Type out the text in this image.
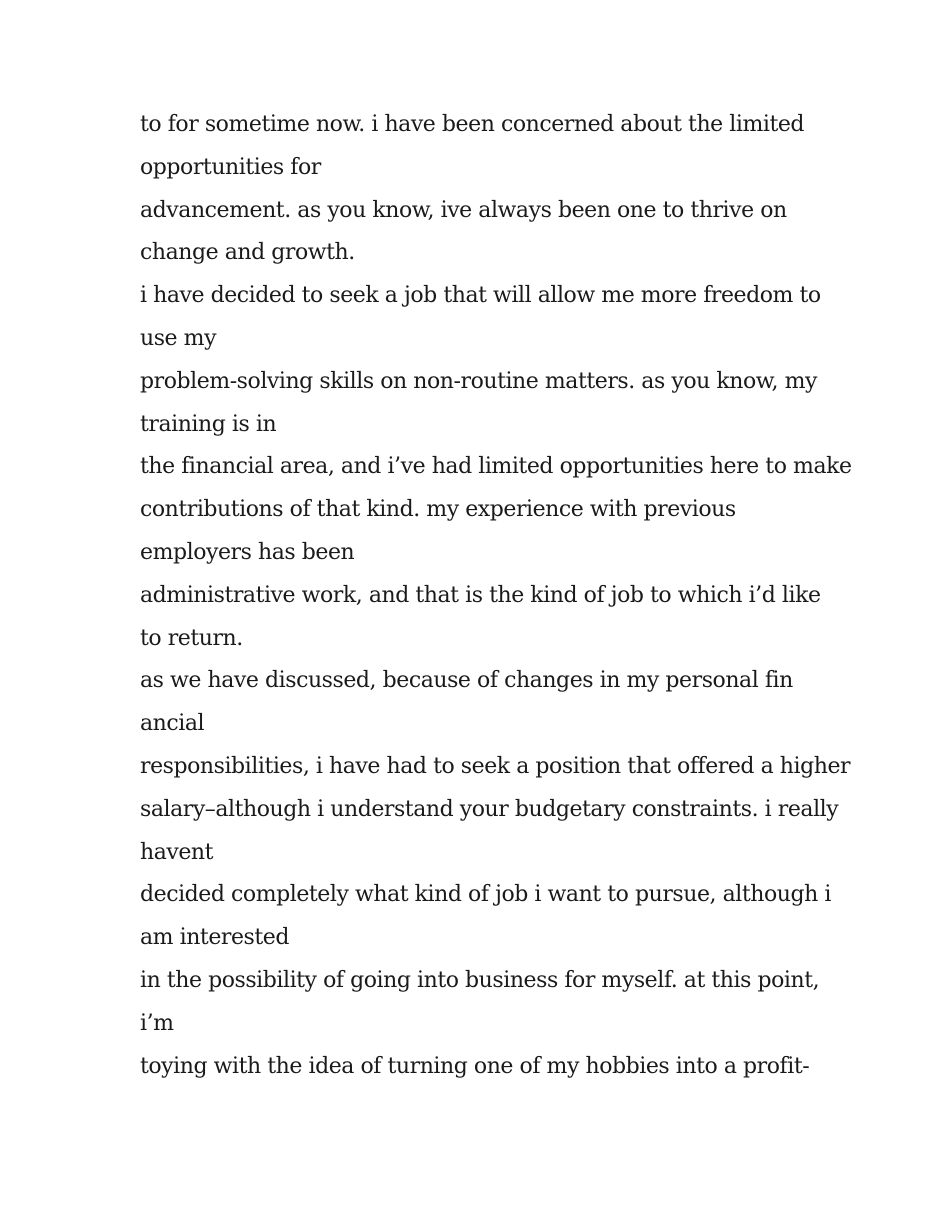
to for sometime now. i have been concerned about the limited
opportunities for
advancement. as you know, ive always been one to thrive on
change and growth.
i have decided to seek a job that will allow me more freedom to
use my
problem-solving skills on non-routine matters. as you know, my
training is in
the financial area, and i’ve had limited opportunities here to make
contributions of that kind. my experience with previous
employers has been
administrative work, and that is the kind of job to which i’d like
to return.
as we have discussed, because of changes in my personal fin
ancial
responsibilities, i have had to seek a position that offered a higher
salary–although i understand your budgetary constraints. i really
havent
decided completely what kind of job i want to pursue, although i
am interested
in the possibility of going into business for myself. at this point,
i’m
toying with the idea of turning one of my hobbies into a profit-
